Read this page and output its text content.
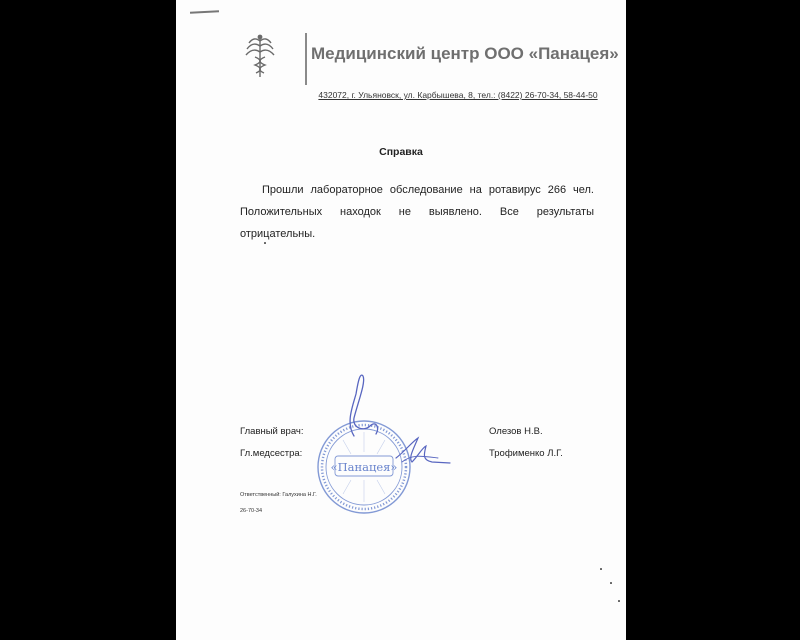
Медицинский центр ООО «Панацея»
432072, г. Ульяновск, ул. Карбышева, 8, тел.: (8422) 26-70-34, 58-44-50
Справка
Прошли лабораторное обследование на ротавирус 266 чел. Положительных находок не выявлено. Все результаты отрицательны.
Главный врач:
Гл.медсестра:
Олезов Н.В.
Трофименко Л.Г.
«Панацея»
Ответственный: Галухина Н.Г.
26-70-34
